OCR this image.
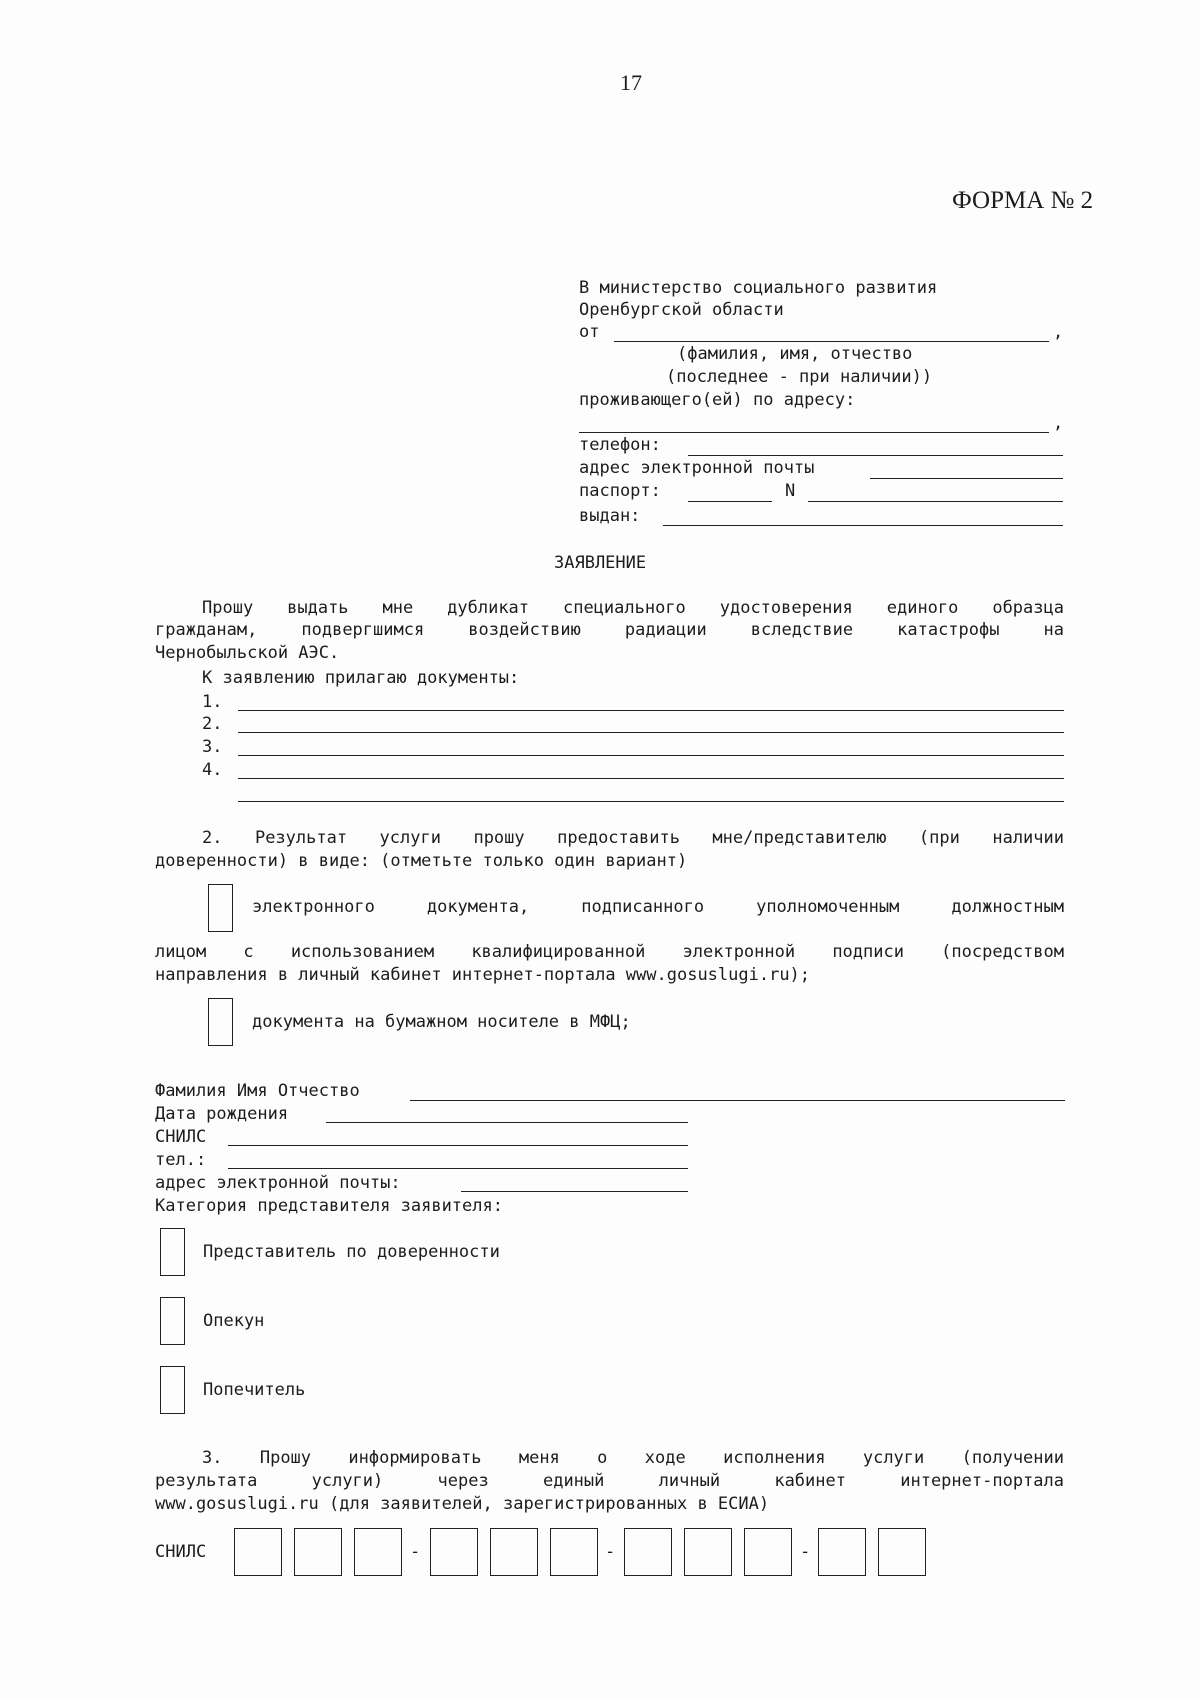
17
ФОРМА № 2
В министерство социального развития
Оренбургской области
от	,
(фамилия, имя, отчество
(последнее - при наличии))
проживающего(ей) по адресу:
,
телефон:
адрес электронной почты
паспорт:	N
выдан:
ЗАЯВЛЕНИЕ
Прошу выдать мне дубликат специального удостоверения единого образца
гражданам, подвергшимся воздействию радиации вследствие катастрофы на
Чернобыльской АЭС.
К заявлению прилагаю документы:
1.
2.
3.
4.
2. Результат услуги прошу предоставить мне/представителю (при наличии
доверенности) в виде: (отметьте только один вариант)
электронного документа, подписанного уполномоченным должностным
лицом с использованием квалифицированной электронной подписи (посредством
направления в личный кабинет интернет-портала www.gosuslugi.ru);
документа на бумажном носителе в МФЦ;
Фамилия Имя Отчество
Дата рождения
СНИЛС
тел.:
адрес электронной почты:
Категория представителя заявителя:
Представитель по доверенности
Опекун
Попечитель
3. Прошу информировать меня о ходе исполнения услуги (получении
результата услуги) через единый личный кабинет интернет-портала
www.gosuslugi.ru (для заявителей, зарегистрированных в ЕСИА)
СНИЛС	-	-	-
